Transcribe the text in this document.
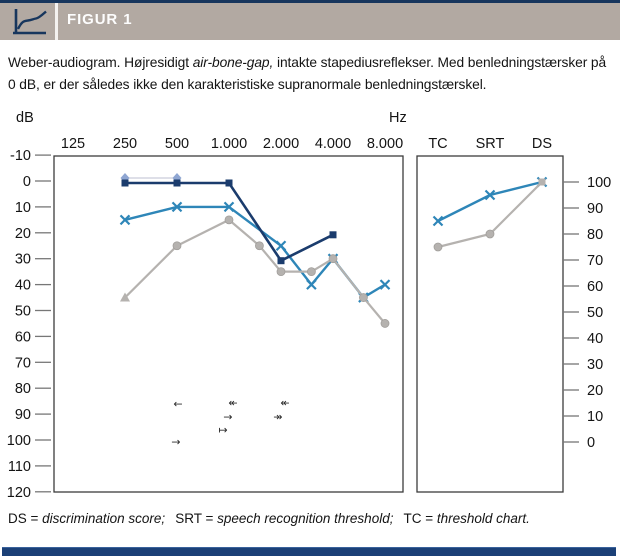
FIGUR 1
Weber-audiogram. Højresidigt air-bone-gap, intakte stapediusreflekser. Med benledningstærsker på 0 dB, er der således ikke den karakteristiske supranormale benledningstærskel.
dB	Hz
-10
0
10
20
30
40
50
60
70
80
90
100
110
120
125 250 500 1.000 2.000 4.000 8.000
←	↞	↞
→	↠
↦
→
TC SRT DS
100
90
80
70
60
50
40
30
20
10
0
DS = discrimination score; SRT = speech recognition threshold; TC = threshold chart.
